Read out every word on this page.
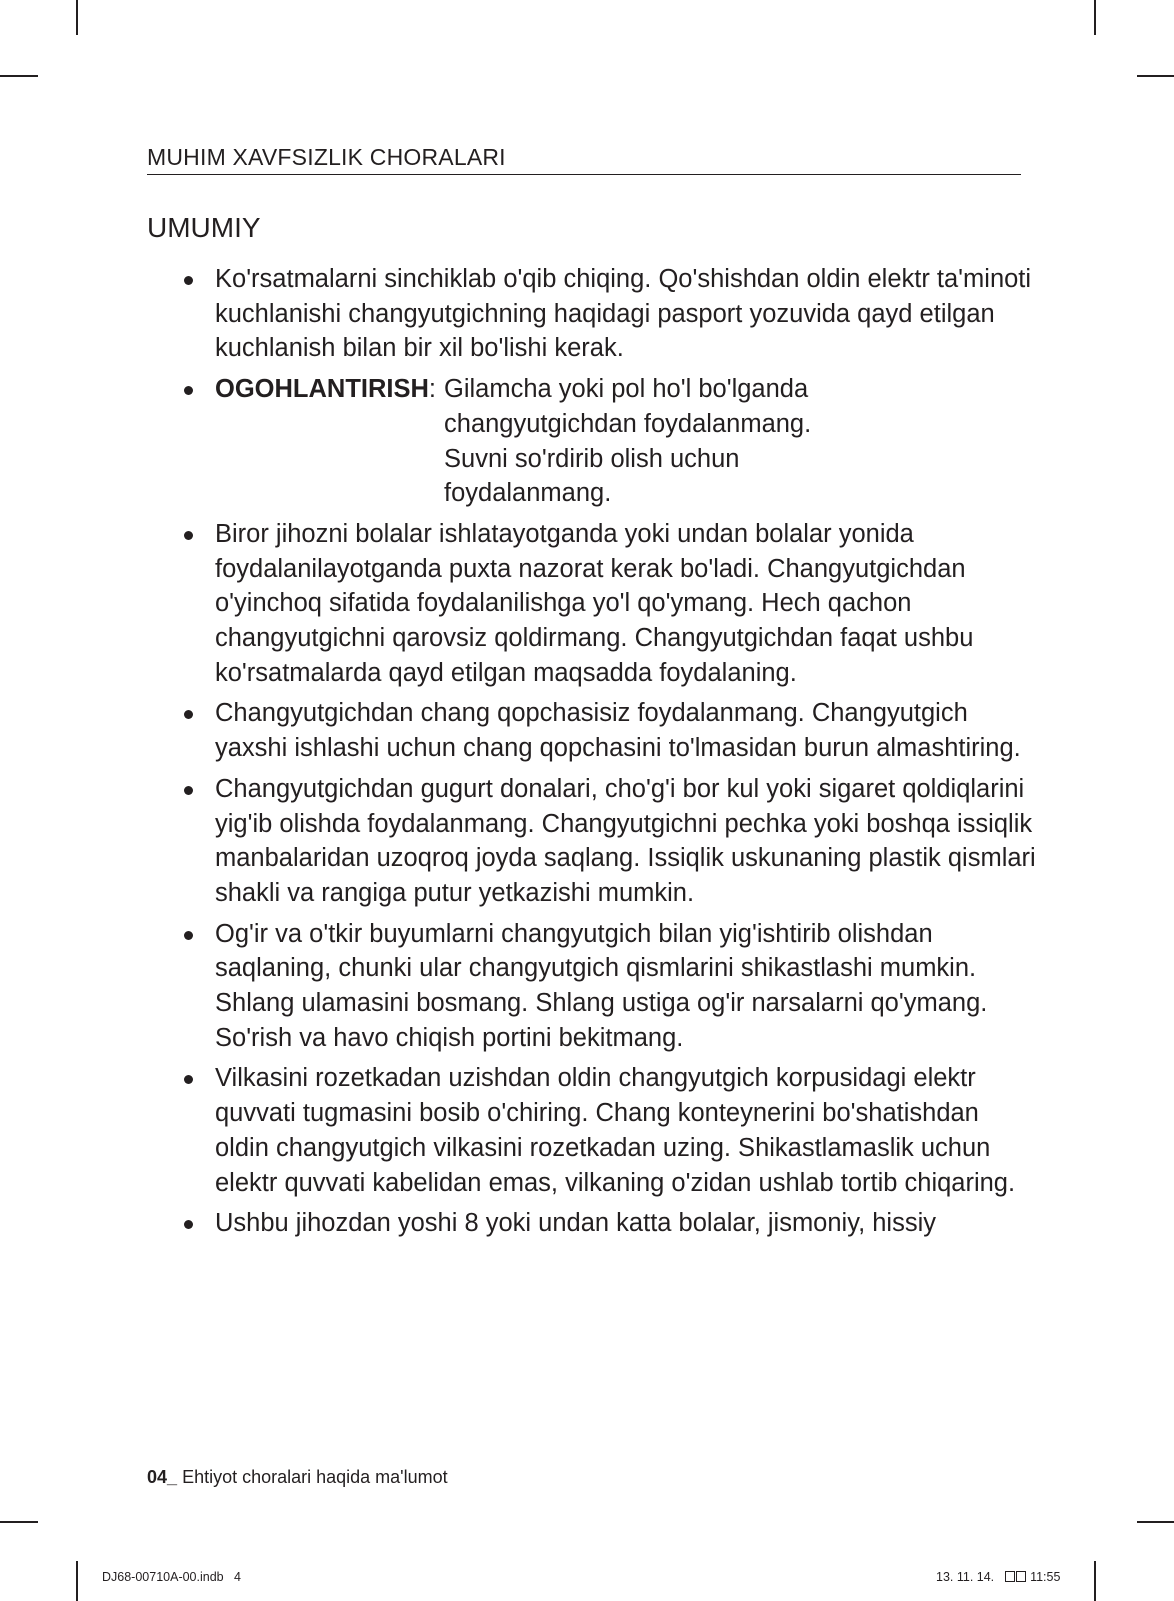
MUHIM XAVFSIZLIK CHORALARI
UMUMIY
Ko'rsatmalarni sinchiklab o'qib chiqing. Qo'shishdan oldin elektr ta'minoti kuchlanishi changyutgichning haqidagi pasport yozuvida qayd etilgan kuchlanish bilan bir xil bo'lishi kerak.
OGOHLANTIRISH: Gilamcha yoki pol ho'l bo'lganda changyutgichdan foydalanmang. Suvni so'rdirib olish uchun foydalanmang.
Biror jihozni bolalar ishlatayotganda yoki undan bolalar yonida foydalanilayotganda puxta nazorat kerak bo'ladi. Changyutgichdan o'yinchoq sifatida foydalanilishga yo'l qo'ymang. Hech qachon changyutgichni qarovsiz qoldirmang. Changyutgichdan faqat ushbu ko'rsatmalarda qayd etilgan maqsadda foydalaning.
Changyutgichdan chang qopchasisiz foydalanmang. Changyutgich yaxshi ishlashi uchun chang qopchasini to'lmasidan burun almashtiring.
Changyutgichdan gugurt donalari, cho'g'i bor kul yoki sigaret qoldiqlarini yig'ib olishda foydalanmang. Changyutgichni pechka yoki boshqa issiqlik manbalaridan uzoqroq joyda saqlang. Issiqlik uskunaning plastik qismlari shakli va rangiga putur yetkazishi mumkin.
Og'ir va o'tkir buyumlarni changyutgich bilan yig'ishtirib olishdan saqlaning, chunki ular changyutgich qismlarini shikastlashi mumkin.
Shlang ulamasini bosmang. Shlang ustiga og'ir narsalarni qo'ymang.
So'rish va havo chiqish portini bekitmang.
Vilkasini rozetkadan uzishdan oldin changyutgich korpusidagi elektr quvvati tugmasini bosib o'chiring. Chang konteynerini bo'shatishdan oldin changyutgich vilkasini rozetkadan uzing. Shikastlamaslik uchun elektr quvvati kabelidan emas, vilkaning o'zidan ushlab tortib chiqaring.
Ushbu jihozdan yoshi 8 yoki undan katta bolalar, jismoniy, hissiy
04_ Ehtiyot choralari haqida ma'lumot
DJ68-00710A-00.indb 4	13. 11. 14.	11:55
